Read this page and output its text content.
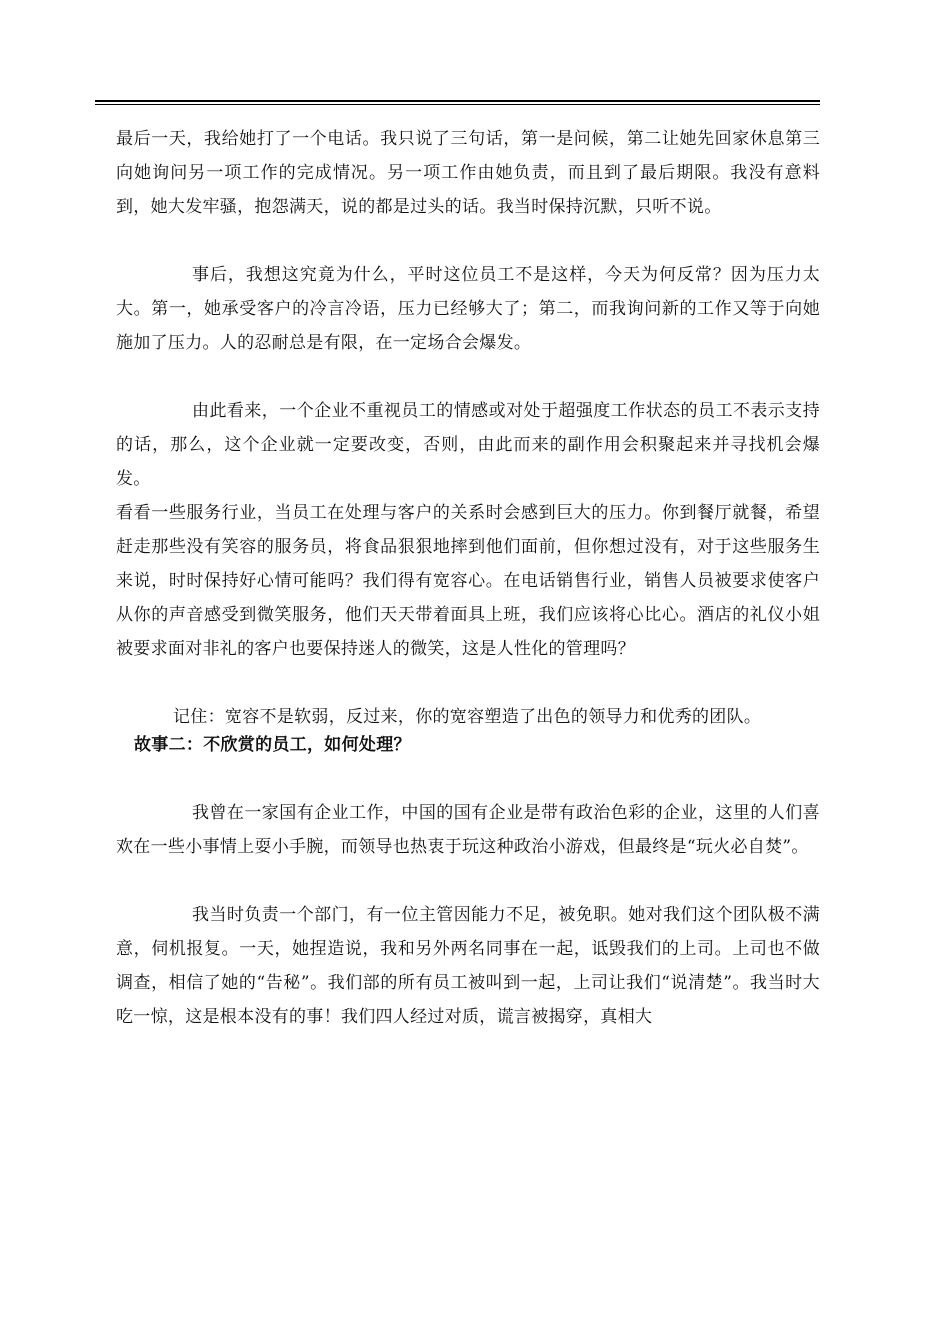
最后一天，我给她打了一个电话。我只说了三句话，第一是问候，第二让她先回家休息第三向她询问另一项工作的完成情况。另一项工作由她负责，而且到了最后期限。我没有意料到，她大发牢骚，抱怨满天，说的都是过头的话。我当时保持沉默，只听不说。

事后，我想这究竟为什么，平时这位员工不是这样，今天为何反常？因为压力太大。第一，她承受客户的冷言冷语，压力已经够大了；第二，而我询问新的工作又等于向她施加了压力。人的忍耐总是有限，在一定场合会爆发。

由此看来，一个企业不重视员工的情感或对处于超强度工作状态的员工不表示支持的话，那么，这个企业就一定要改变，否则，由此而来的副作用会积聚起来并寻找机会爆发。

看看一些服务行业，当员工在处理与客户的关系时会感到巨大的压力。你到餐厅就餐，希望赶走那些没有笑容的服务员，将食品狠狠地摔到他们面前，但你想过没有，对于这些服务生来说，时时保持好心情可能吗？我们得有宽容心。在电话销售行业，销售人员被要求使客户从你的声音感受到微笑服务，他们天天带着面具上班，我们应该将心比心。酒店的礼仪小姐被要求面对非礼的客户也要保持迷人的微笑，这是人性化的管理吗？

记住：宽容不是软弱，反过来，你的宽容塑造了出色的领导力和优秀的团队。

故事二：不欣赏的员工，如何处理？

我曾在一家国有企业工作，中国的国有企业是带有政治色彩的企业，这里的人们喜欢在一些小事情上耍小手腕，而领导也热衷于玩这种政治小游戏，但最终是“玩火必自焚”。

我当时负责一个部门，有一位主管因能力不足，被免职。她对我们这个团队极不满意，伺机报复。一天，她捏造说，我和另外两名同事在一起，诋毁我们的上司。上司也不做调查，相信了她的“告秘”。我们部的所有员工被叫到一起，上司让我们“说清楚”。我当时大吃一惊，这是根本没有的事！我们四人经过对质，谎言被揭穿，真相大
